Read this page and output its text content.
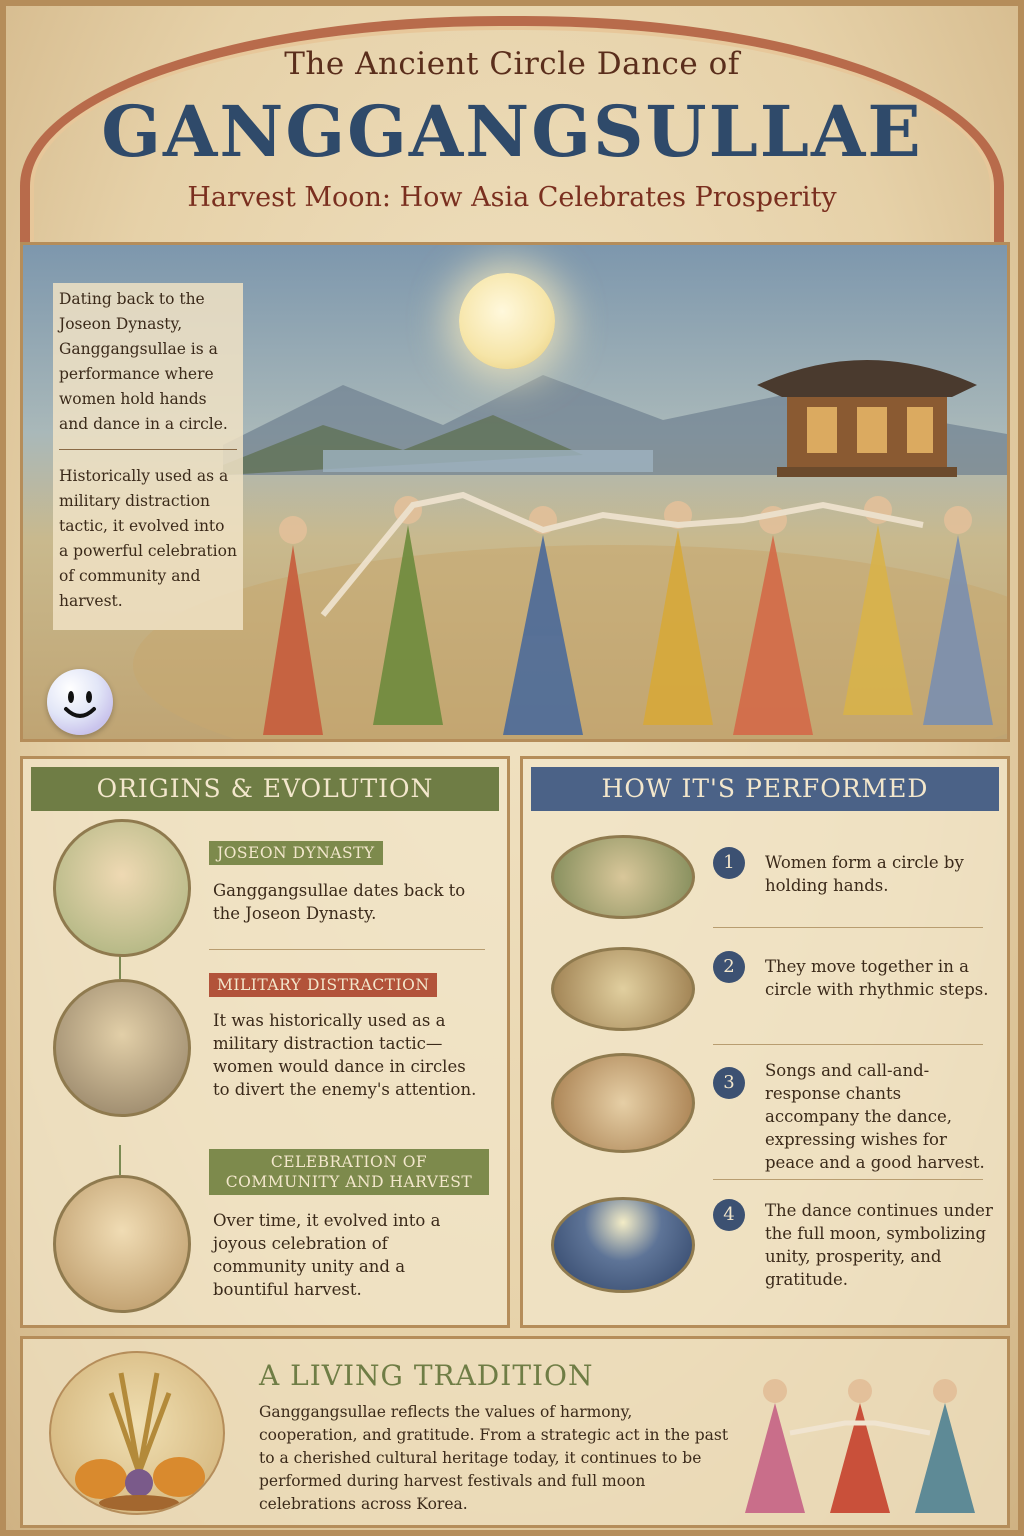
The Ancient Circle Dance of
GANGGANGSULLAE
Harvest Moon: How Asia Celebrates Prosperity

Dating back to the Joseon Dynasty, Ganggangsullae is a performance where women hold hands and dance in a circle.

Historically used as a military distraction tactic, it evolved into a powerful celebration of community and harvest.

ORIGINS & EVOLUTION
JOSEON DYNASTY
Ganggangsullae dates back to the Joseon Dynasty.
MILITARY DISTRACTION
It was historically used as a military distraction tactic—women would dance in circles to divert the enemy's attention.
CELEBRATION OF COMMUNITY AND HARVEST
Over time, it evolved into a joyous celebration of community unity and a bountiful harvest.
HOW IT'S PERFORMED
1	Women form a circle by holding hands.
2	They move together in a circle with rhythmic steps.
3
Songs and call-and-response chants accompany the dance, expressing wishes for peace and a good harvest.
4	The dance continues under the full moon, symbolizing unity, prosperity, and gratitude.
A LIVING TRADITION
Ganggangsullae reflects the values of harmony, cooperation, and gratitude. From a strategic act in the past to a cherished cultural heritage today, it continues to be performed during harvest festivals and full moon celebrations across Korea.
